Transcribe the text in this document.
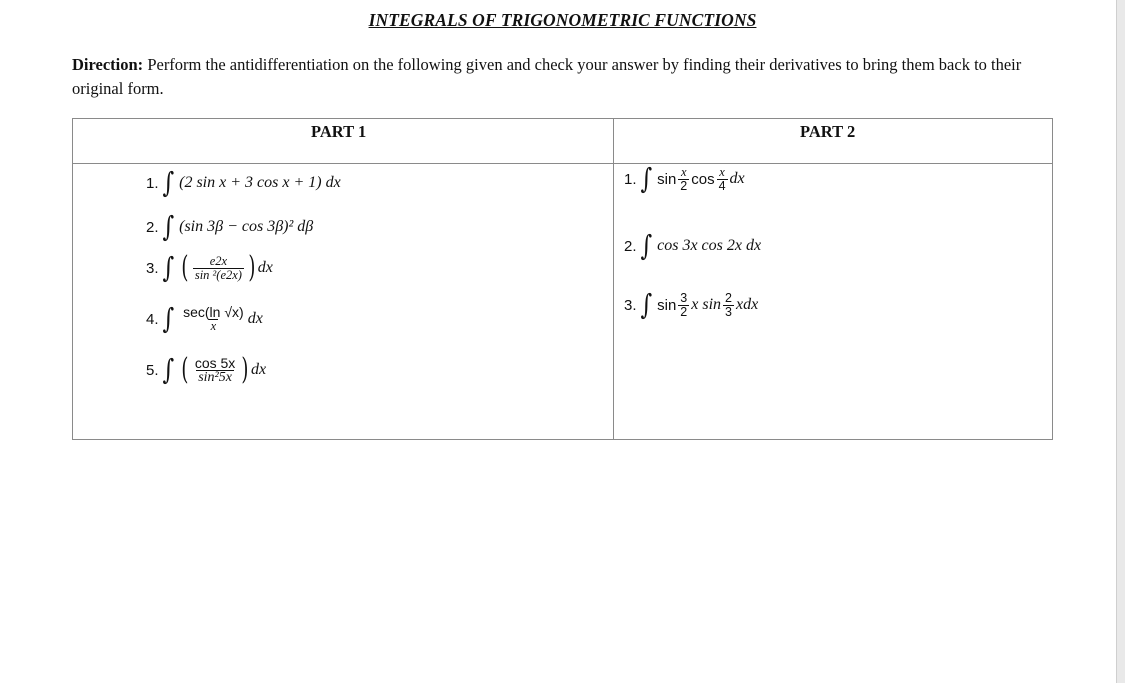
INTEGRALS OF TRIGONOMETRIC FUNCTIONS
Direction: Perform the antidifferentiation on the following given and check your answer by finding their derivatives to bring them back to their original form.
PART 1	PART 2
1. ∫ (2 sin x + 3 cos x + 1) dx
2. ∫ (sin 3β − cos 3β)² dβ
3. ∫ ( $\frac{e2x}{\text{sin ²(e2x)}}$ ) dx
4. ∫ $\frac{\sec(\ln √x)}{x}$ dx
5. ∫ ( $\frac{\cos 5x}{\text{sin²5x}}$ ) dx
1. ∫ $\sin \frac{x}{2}$ $\cos \frac{x}{4}$ dx
2. ∫ cos 3x cos 2x dx
3. ∫ $\sin \frac{3}{2}$ x $\sin \frac{2}{3}$ xdx
